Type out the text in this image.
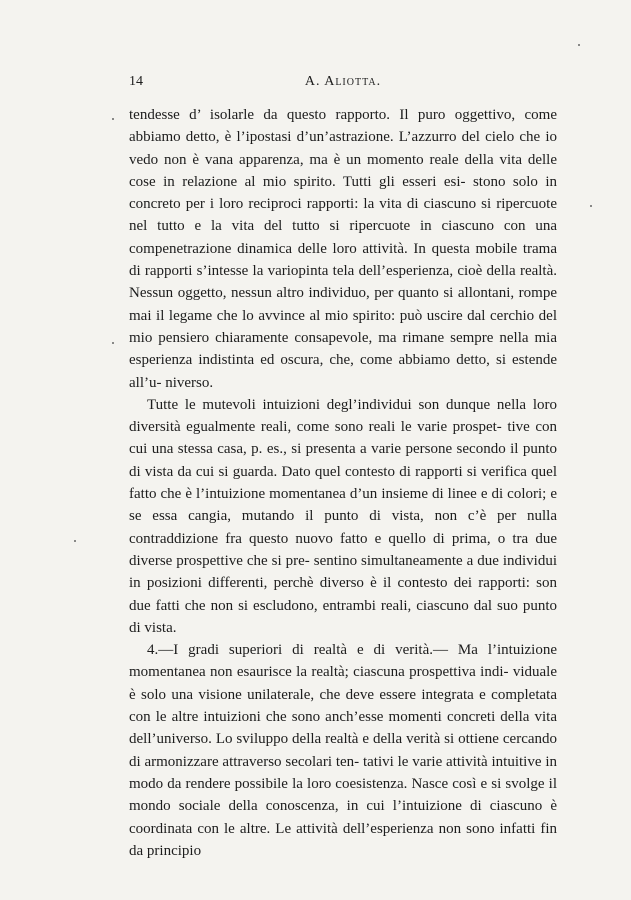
14	A. Aliotta.

tendesse d’ isolarle da questo rapporto. Il puro oggettivo, come abbiamo detto, è l’ipostasi d’un’astrazione. L’azzurro del cielo che io vedo non è vana apparenza, ma è un momento reale della vita delle cose in relazione al mio spirito. Tutti gli esseri esi- stono solo in concreto per i loro reciproci rapporti: la vita di ciascuno si ripercuote nel tutto e la vita del tutto si ripercuote in ciascuno con una compenetrazione dinamica delle loro attività. In questa mobile trama di rapporti s’intesse la variopinta tela dell’esperienza, cioè della realtà. Nessun oggetto, nessun altro individuo, per quanto si allontani, rompe mai il legame che lo avvince al mio spirito: può uscire dal cerchio del mio pensiero chiaramente consapevole, ma rimane sempre nella mia esperienza indistinta ed oscura, che, come abbiamo detto, si estende all’u- niverso.

Tutte le mutevoli intuizioni degl’individui son dunque nella loro diversità egualmente reali, come sono reali le varie prospet- tive con cui una stessa casa, p. es., si presenta a varie persone secondo il punto di vista da cui si guarda. Dato quel contesto di rapporti si verifica quel fatto che è l’intuizione momentanea d’un insieme di linee e di colori; e se essa cangia, mutando il punto di vista, non c’è per nulla contraddizione fra questo nuovo fatto e quello di prima, o tra due diverse prospettive che si pre- sentino simultaneamente a due individui in posizioni differenti, perchè diverso è il contesto dei rapporti: son due fatti che non si escludono, entrambi reali, ciascuno dal suo punto di vista.

4.—I gradi superiori di realtà e di verità.— Ma l’intuizione momentanea non esaurisce la realtà; ciascuna prospettiva indi- viduale è solo una visione unilaterale, che deve essere integrata e completata con le altre intuizioni che sono anch’esse momenti concreti della vita dell’universo. Lo sviluppo della realtà e della verità si ottiene cercando di armonizzare attraverso secolari ten- tativi le varie attività intuitive in modo da rendere possibile la loro coesistenza. Nasce così e si svolge il mondo sociale della conoscenza, in cui l’intuizione di ciascuno è coordinata con le altre. Le attività dell’esperienza non sono infatti fin da principio
